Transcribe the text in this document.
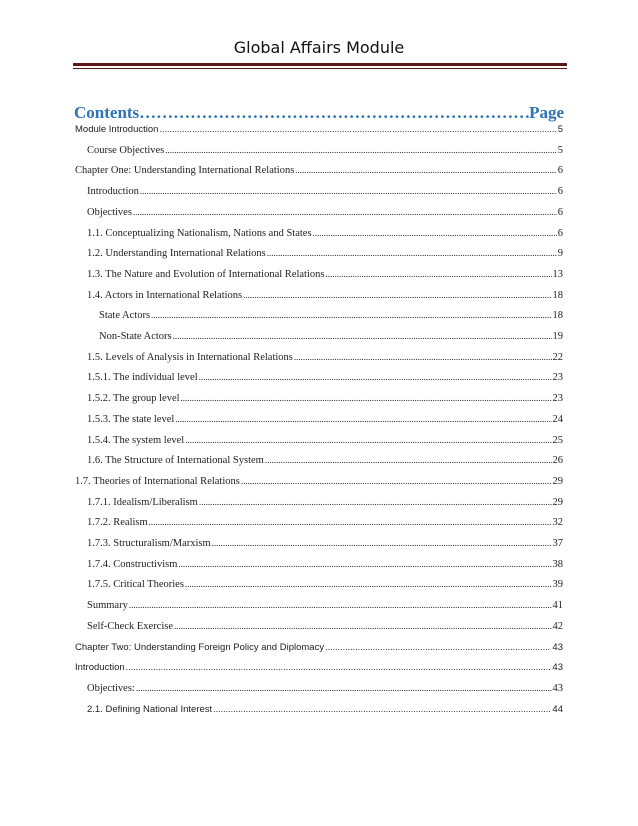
Global Affairs Module
Contents ………………………………………………………………………………………………………………	Page
Module Introduction .....	5
Course Objectives .....	5
Chapter One: Understanding International Relations .....	6
Introduction .....	6
Objectives .....	6
1.1. Conceptualizing Nationalism, Nations and States .....	6
1.2. Understanding International Relations .....	9
1.3. The Nature and Evolution of International Relations .....	13
1.4. Actors in International Relations .....	18
State Actors .....	18
Non-State Actors .....	19
1.5. Levels of Analysis in International Relations .....	22
1.5.1. The individual level .....	23
1.5.2. The group level .....	23
1.5.3. The state level .....	24
1.5.4. The system level .....	25
1.6. The Structure of International System .....	26
1.7. Theories of International Relations .....	29
1.7.1. Idealism/Liberalism .....	29
1.7.2. Realism .....	32
1.7.3. Structuralism/Marxism .....	37
1.7.4. Constructivism .....	38
1.7.5. Critical Theories .....	39
Summary .....	41
Self-Check Exercise .....	42
Chapter Two: Understanding Foreign Policy and Diplomacy .....	43
Introduction .....	43
Objectives: .....	43
2.1. Defining National Interest .....	44
